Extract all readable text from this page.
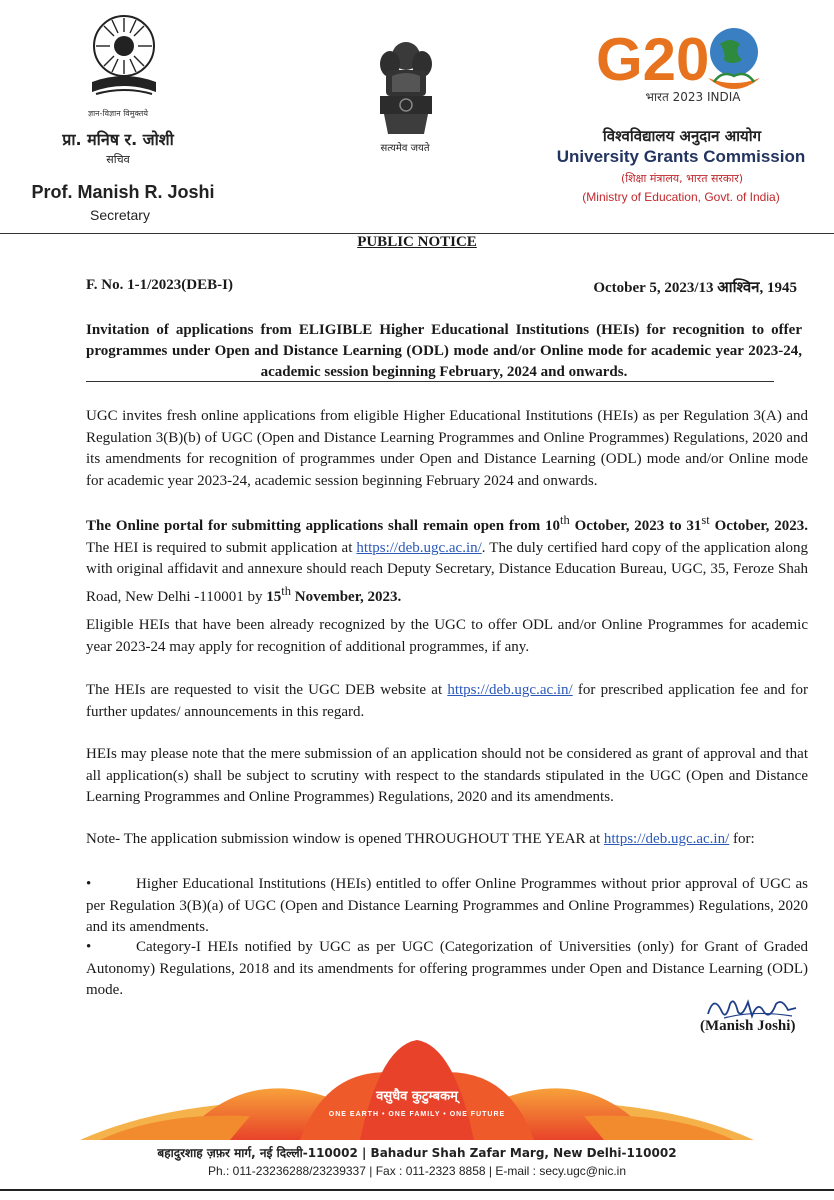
ज्ञान-विज्ञान विमुक्तये
प्रा. मनिष र. जोशी
सचिव
Prof. Manish R. Joshi
Secretary
सत्यमेव जयते
G20
भारत 2023 INDIA
विश्वविद्यालय अनुदान आयोग
University Grants Commission
(शिक्षा मंत्रालय, भारत सरकार)
(Ministry of Education, Govt. of India)
PUBLIC NOTICE
F. No. 1-1/2023(DEB-I)	October 5, 2023/13 आश्विन, 1945
Invitation of applications from ELIGIBLE Higher Educational Institutions (HEIs) for recognition to offer programmes under Open and Distance Learning (ODL) mode and/or Online mode for academic year 2023-24, academic session beginning February, 2024 and onwards.
UGC invites fresh online applications from eligible Higher Educational Institutions (HEIs) as per Regulation 3(A) and Regulation 3(B)(b) of UGC (Open and Distance Learning Programmes and Online Programmes) Regulations, 2020 and its amendments for recognition of programmes under Open and Distance Learning (ODL) mode and/or Online mode for academic year 2023-24, academic session beginning February 2024 and onwards.
The Online portal for submitting applications shall remain open from 10th October, 2023 to 31st October, 2023. The HEI is required to submit application at https://deb.ugc.ac.in/. The duly certified hard copy of the application along with original affidavit and annexure should reach Deputy Secretary, Distance Education Bureau, UGC, 35, Feroze Shah Road, New Delhi -110001 by 15th November, 2023.
Eligible HEIs that have been already recognized by the UGC to offer ODL and/or Online Programmes for academic year 2023-24 may apply for recognition of additional programmes, if any.
The HEIs are requested to visit the UGC DEB website at https://deb.ugc.ac.in/ for prescribed application fee and for further updates/ announcements in this regard.
HEIs may please note that the mere submission of an application should not be considered as grant of approval and that all application(s) shall be subject to scrutiny with respect to the standards stipulated in the UGC (Open and Distance Learning Programmes and Online Programmes) Regulations, 2020 and its amendments.
Note- The application submission window is opened THROUGHOUT THE YEAR at https://deb.ugc.ac.in/ for:
•	Higher Educational Institutions (HEIs) entitled to offer Online Programmes without prior approval of UGC as per Regulation 3(B)(a) of UGC (Open and Distance Learning Programmes and Online Programmes) Regulations, 2020 and its amendments.
•	Category-I HEIs notified by UGC as per UGC (Categorization of Universities (only) for Grant of Graded Autonomy) Regulations, 2018 and its amendments for offering programmes under Open and Distance Learning (ODL) mode.
(Manish Joshi)
वसुधैव कुटुम्बकम्
ONE EARTH • ONE FAMILY • ONE FUTURE
बहादुरशाह ज़फ़र मार्ग, नई दिल्ली-110002 | Bahadur Shah Zafar Marg, New Delhi-110002
Ph.: 011-23236288/23239337 | Fax : 011-2323 8858 | E-mail : secy.ugc@nic.in
